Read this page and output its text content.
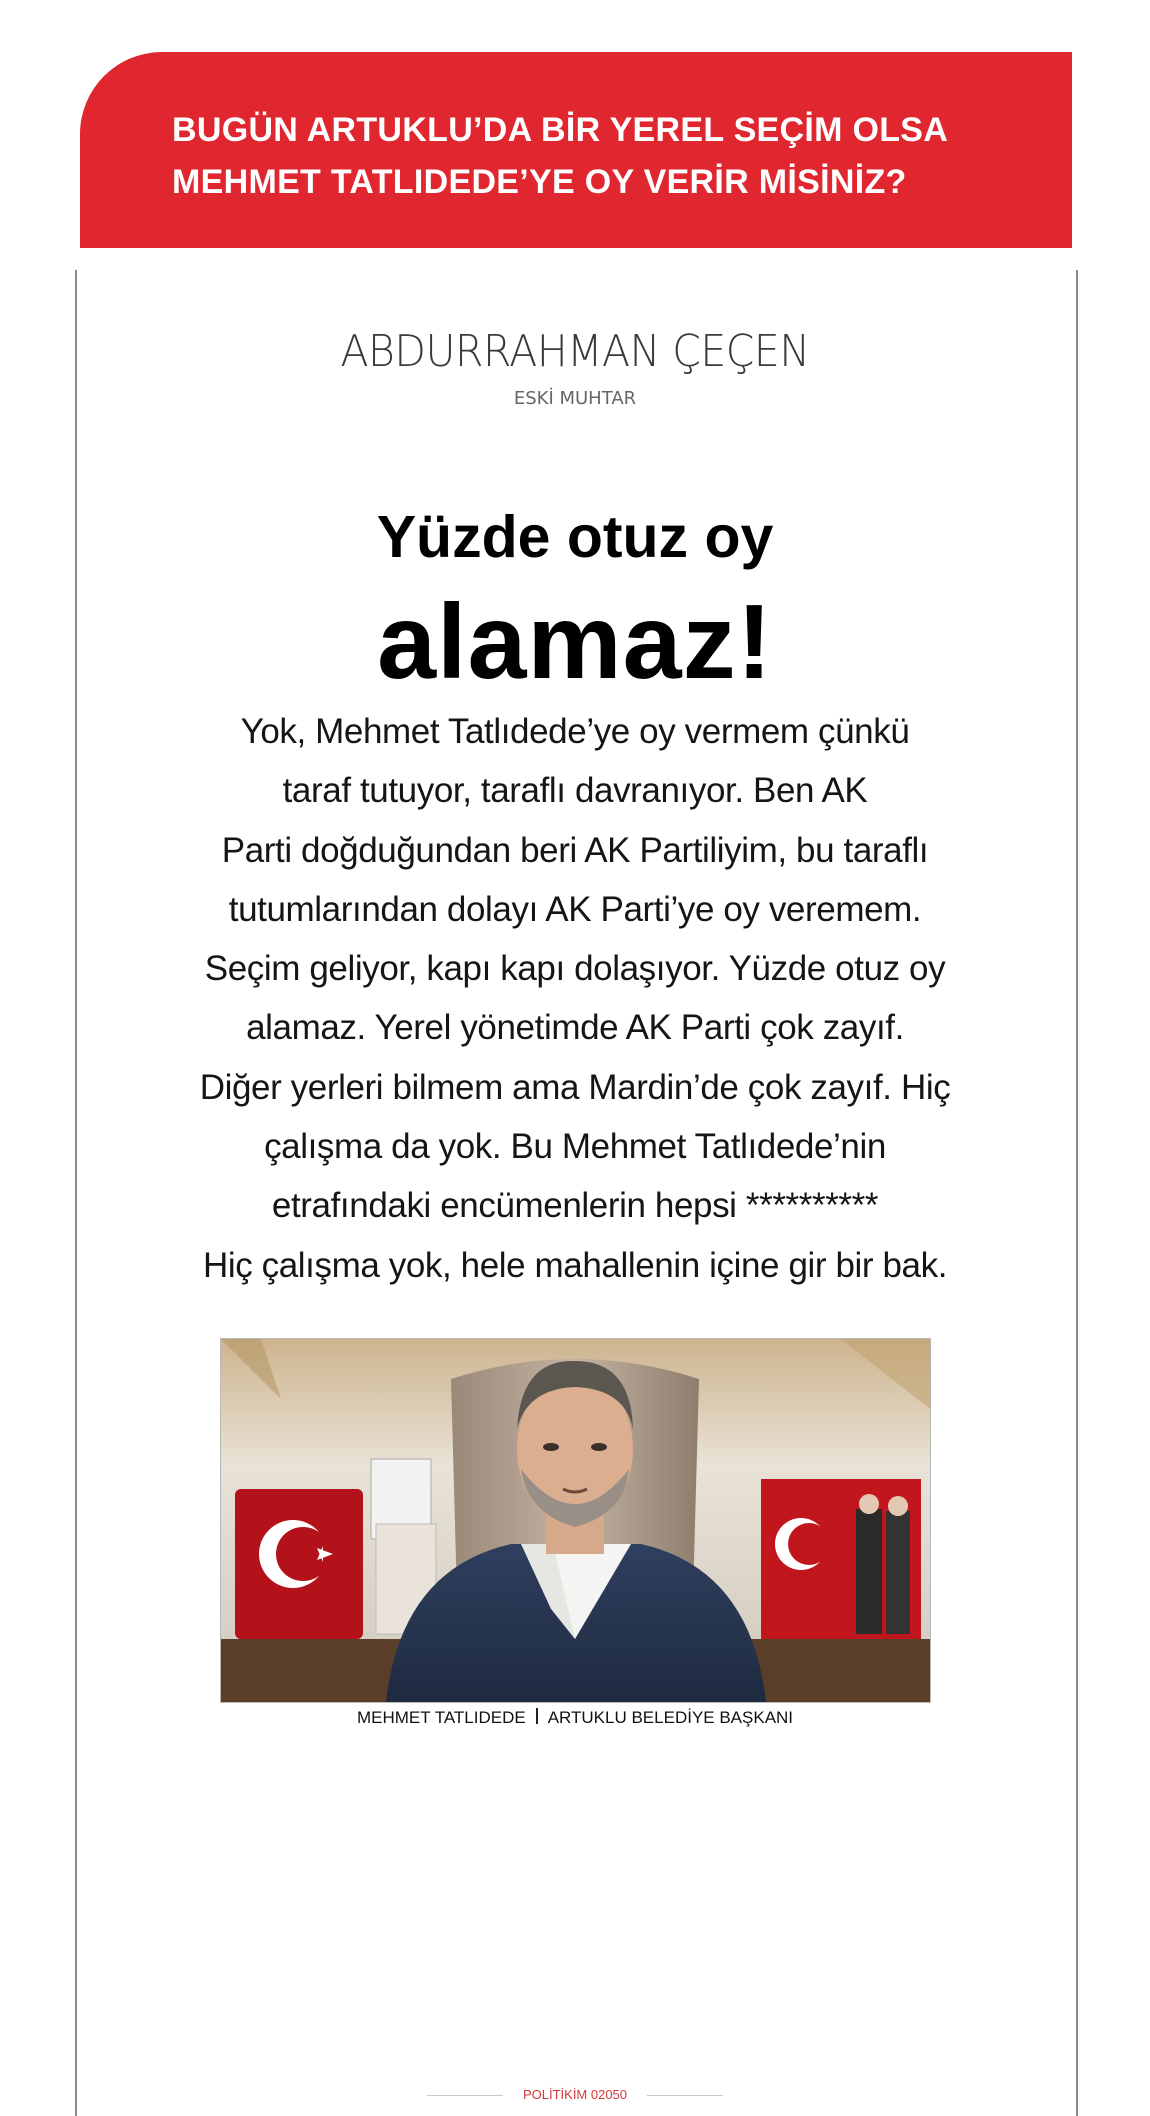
BUGÜN ARTUKLU’DA BİR YEREL SEÇİM OLSA
MEHMET TATLIDEDE’YE OY VERİR MİSİNİZ?
ABDURRAHMAN ÇEÇEN
ESKİ MUHTAR
Yüzde otuz oy
alamaz!

Yok, Mehmet Tatlıdede’ye oy vermem çünkü
taraf tutuyor, taraflı davranıyor. Ben AK
Parti doğduğundan beri AK Partiliyim, bu taraflı
tutumlarından dolayı AK Parti’ye oy veremem.
Seçim geliyor, kapı kapı dolaşıyor. Yüzde otuz oy
alamaz. Yerel yönetimde AK Parti çok zayıf.
Diğer yerleri bilmem ama Mardin’de çok zayıf. Hiç
çalışma da yok. Bu Mehmet Tatlıdede’nin
etrafındaki encümenlerin hepsi **********
Hiç çalışma yok, hele mahallenin içine gir bir bak.

MEHMET TATLIDEDE ARTUKLU BELEDİYE BAŞKANI
POLİTİKİM 02050
